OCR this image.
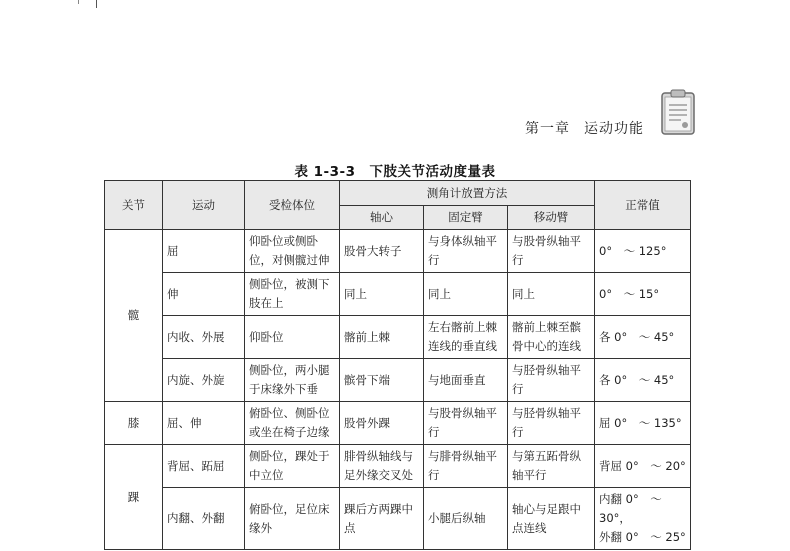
第一章 运动功能
表 1-3-3　下肢关节活动度量表
关节	运动	受检体位	测角计放置方法			正常值
			轴心	固定臂	移动臂	
髋	屈	仰卧位或侧卧位，对侧髋过伸	股骨大转子	与身体纵轴平行	与股骨纵轴平行	0°　～ 125°
	伸	侧卧位，被测下肢在上	同上	同上	同上	0°　～ 15°
	内收、外展	仰卧位	髂前上棘	左右髂前上棘连线的垂直线	髂前上棘至髌骨中心的连线	各 0°　～ 45°
	内旋、外旋	侧卧位，两小腿于床缘外下垂	髌骨下端	与地面垂直	与胫骨纵轴平行	各 0°　～ 45°
膝	屈、伸	俯卧位、侧卧位或坐在椅子边缘	股骨外踝	与股骨纵轴平行	与胫骨纵轴平行	屈 0°　～ 135°
踝	背屈、跖屈	侧卧位，踝处于中立位	腓骨纵轴线与足外缘交叉处	与腓骨纵轴平行	与第五跖骨纵轴平行	背屈 0°　～ 20°
	内翻、外翻	俯卧位，足位床缘外	踝后方两踝中点	小腿后纵轴	轴心与足跟中点连线	内翻 0°　～ 30°，
外翻 0°　～ 25°
